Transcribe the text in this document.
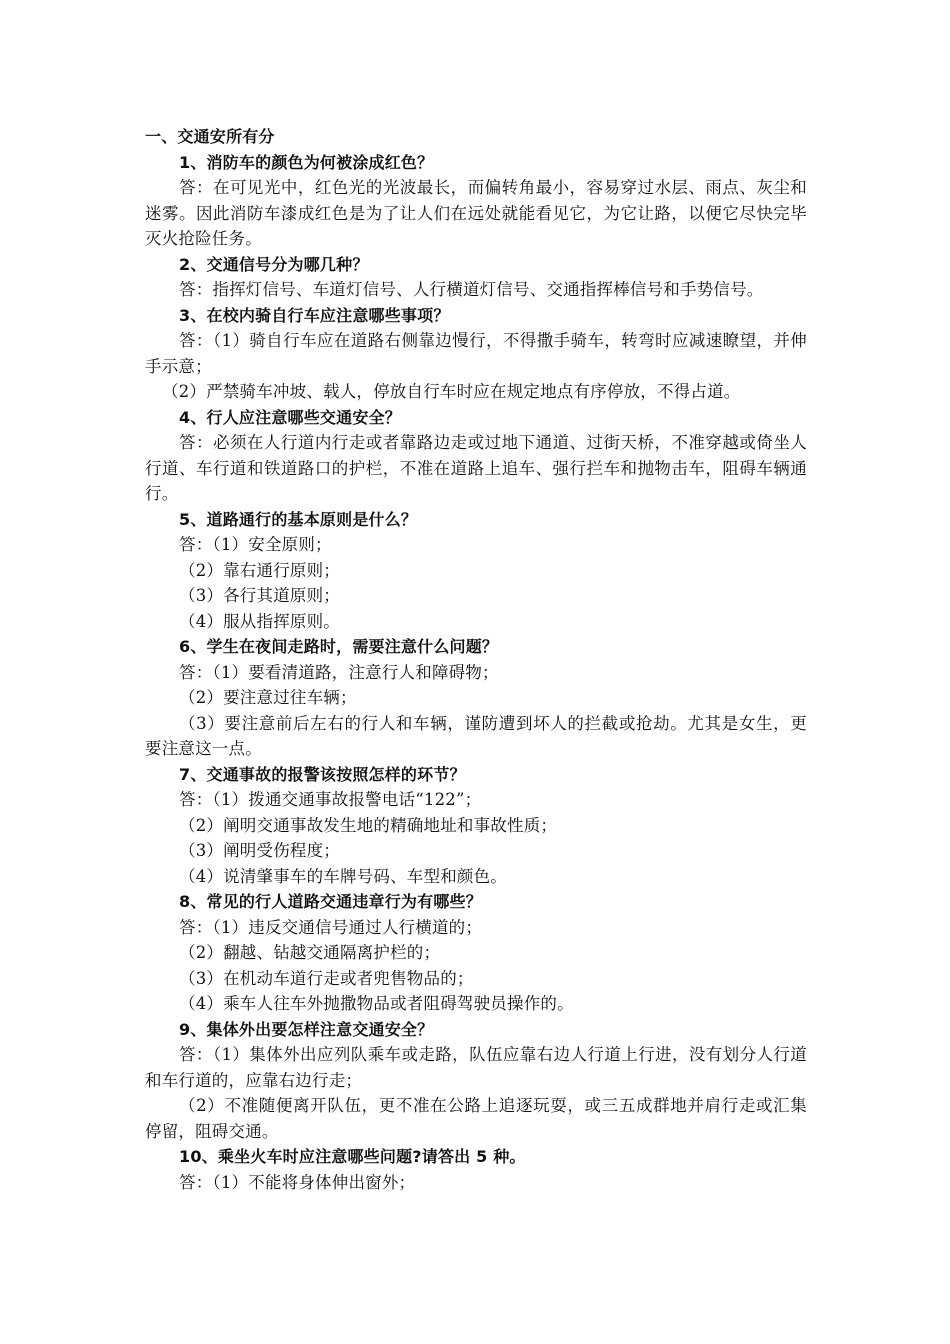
一、交通安所有分
1、消防车的颜色为何被涂成红色？
答：在可见光中，红色光的光波最长，而偏转角最小，容易穿过水层、雨点、灰尘和迷雾。因此消防车漆成红色是为了让人们在远处就能看见它，为它让路，以便它尽快完毕灭火抢险任务。
2、交通信号分为哪几种？
答：指挥灯信号、车道灯信号、人行横道灯信号、交通指挥棒信号和手势信号。
3、在校内骑自行车应注意哪些事项？
答：（1）骑自行车应在道路右侧靠边慢行，不得撒手骑车，转弯时应减速瞭望，并伸手示意；
（2）严禁骑车冲坡、载人，停放自行车时应在规定地点有序停放，不得占道。
4、行人应注意哪些交通安全？
答：必须在人行道内行走或者靠路边走或过地下通道、过街天桥，不准穿越或倚坐人行道、车行道和铁道路口的护栏，不准在道路上追车、强行拦车和抛物击车，阻碍车辆通行。
5、道路通行的基本原则是什么？
答：（1）安全原则；
（2）靠右通行原则；
（3）各行其道原则；
（4）服从指挥原则。
6、学生在夜间走路时，需要注意什么问题？
答：（1）要看清道路，注意行人和障碍物；
（2）要注意过往车辆；
（3）要注意前后左右的行人和车辆，谨防遭到坏人的拦截或抢劫。尤其是女生，更要注意这一点。
7、交通事故的报警该按照怎样的环节？
答：（1）拨通交通事故报警电话“122”；
（2）阐明交通事故发生地的精确地址和事故性质；
（3）阐明受伤程度；
（4）说清肇事车的车牌号码、车型和颜色。
8、常见的行人道路交通违章行为有哪些？
答：（1）违反交通信号通过人行横道的；
（2）翻越、钻越交通隔离护栏的；
（3）在机动车道行走或者兜售物品的；
（4）乘车人往车外抛撒物品或者阻碍驾驶员操作的。
9、集体外出要怎样注意交通安全？
答：（1）集体外出应列队乘车或走路，队伍应靠右边人行道上行进，没有划分人行道和车行道的，应靠右边行走；
（2）不准随便离开队伍，更不准在公路上追逐玩耍，或三五成群地并肩行走或汇集停留，阻碍交通。
10、乘坐火车时应注意哪些问题?请答出 5 种。
答：（1）不能将身体伸出窗外；
